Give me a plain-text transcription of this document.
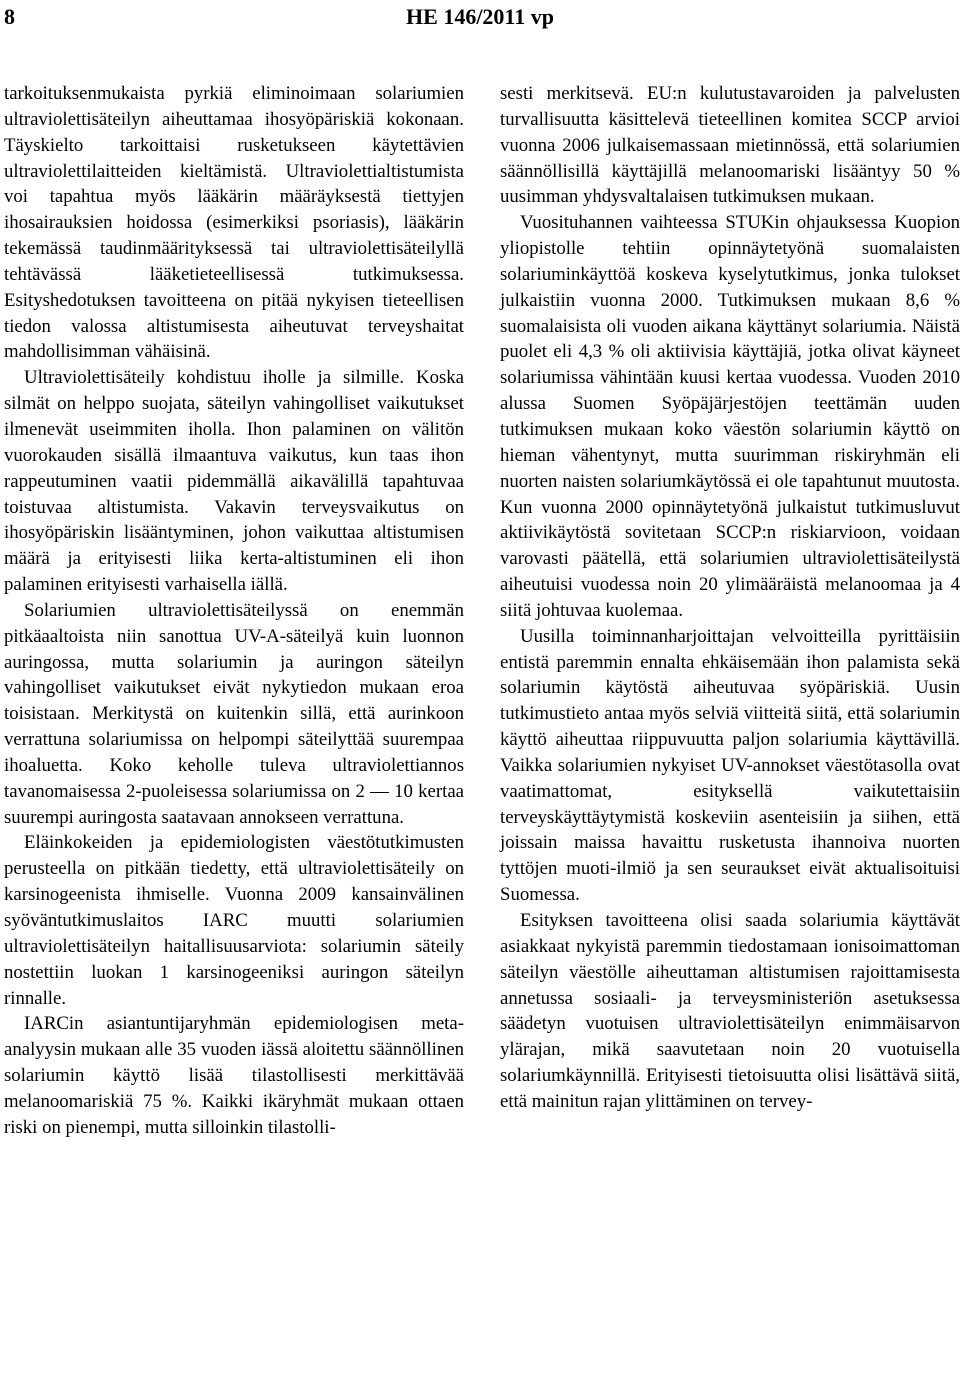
8	HE 146/2011 vp

tarkoituksenmukaista pyrkiä eliminoimaan solariumien ultraviolettisäteilyn aiheuttamaa ihosyöpäriskiä kokonaan. Täyskielto tarkoittaisi rusketukseen käytettävien ultraviolettilaitteiden kieltämistä. Ultraviolettialtistumista voi tapahtua myös lääkärin määräyksestä tiettyjen ihosairauksien hoidossa (esimerkiksi psoriasis), lääkärin tekemässä taudinmäärityksessä tai ultraviolettisäteilyllä tehtävässä lääketieteellisessä tutkimuksessa. Esityshedotuksen tavoitteena on pitää nykyisen tieteellisen tiedon valossa altistumisesta aiheutuvat terveyshaitat mahdollisimman vähäisinä.

Ultraviolettisäteily kohdistuu iholle ja silmille. Koska silmät on helppo suojata, säteilyn vahingolliset vaikutukset ilmenevät useimmiten iholla. Ihon palaminen on välitön vuorokauden sisällä ilmaantuva vaikutus, kun taas ihon rappeutuminen vaatii pidemmällä aikavälillä tapahtuvaa toistuvaa altistumista. Vakavin terveysvaikutus on ihosyöpäriskin lisääntyminen, johon vaikuttaa altistumisen määrä ja erityisesti liika kerta-altistuminen eli ihon palaminen erityisesti varhaisella iällä.

Solariumien ultraviolettisäteilyssä on enemmän pitkäaaltoista niin sanottua UV-A-säteilyä kuin luonnon auringossa, mutta solariumin ja auringon säteilyn vahingolliset vaikutukset eivät nykytiedon mukaan eroa toisistaan. Merkitystä on kuitenkin sillä, että aurinkoon verrattuna solariumissa on helpompi säteilyttää suurempaa ihoaluetta. Koko keholle tuleva ultraviolettiannos tavanomaisessa 2-puoleisessa solariumissa on 2 — 10 kertaa suurempi auringosta saatavaan annokseen verrattuna.

Eläinkokeiden ja epidemiologisten väestötutkimusten perusteella on pitkään tiedetty, että ultraviolettisäteily on karsinogeenista ihmiselle. Vuonna 2009 kansainvälinen syöväntutkimuslaitos IARC muutti solariumien ultraviolettisäteilyn haitallisuusarviota: solariumin säteily nostettiin luokan 1 karsinogeeniksi auringon säteilyn rinnalle.

IARCin asiantuntijaryhmän epidemiologisen meta-analyysin mukaan alle 35 vuoden iässä aloitettu säännöllinen solariumin käyttö lisää tilastollisesti merkittävää melanoomariskiä 75 %. Kaikki ikäryhmät mukaan ottaen riski on pienempi, mutta silloinkin tilastolli-

sesti merkitsevä. EU:n kulutustavaroiden ja palvelusten turvallisuutta käsittelevä tieteellinen komitea SCCP arvioi vuonna 2006 julkaisemassaan mietinnössä, että solariumien säännöllisillä käyttäjillä melanoomariski lisääntyy 50 % uusimman yhdysvaltalaisen tutkimuksen mukaan.

Vuosituhannen vaihteessa STUKin ohjauksessa Kuopion yliopistolle tehtiin opinnäytetyönä suomalaisten solariuminkäyttöä koskeva kyselytutkimus, jonka tulokset julkaistiin vuonna 2000. Tutkimuksen mukaan 8,6 % suomalaisista oli vuoden aikana käyttänyt solariumia. Näistä puolet eli 4,3 % oli aktiivisia käyttäjiä, jotka olivat käyneet solariumissa vähintään kuusi kertaa vuodessa. Vuoden 2010 alussa Suomen Syöpäjärjestöjen teettämän uuden tutkimuksen mukaan koko väestön solariumin käyttö on hieman vähentynyt, mutta suurimman riskiryhmän eli nuorten naisten solariumkäytössä ei ole tapahtunut muutosta. Kun vuonna 2000 opinnäytetyönä julkaistut tutkimusluvut aktiivikäytöstä sovitetaan SCCP:n riskiarvioon, voidaan varovasti päätellä, että solariumien ultraviolettisäteilystä aiheutuisi vuodessa noin 20 ylimääräistä melanoomaa ja 4 siitä johtuvaa kuolemaa.

Uusilla toiminnanharjoittajan velvoitteilla pyrittäisiin entistä paremmin ennalta ehkäisemään ihon palamista sekä solariumin käytöstä aiheutuvaa syöpäriskiä. Uusin tutkimustieto antaa myös selviä viitteitä siitä, että solariumin käyttö aiheuttaa riippuvuutta paljon solariumia käyttävillä. Vaikka solariumien nykyiset UV-annokset väestötasolla ovat vaatimattomat, esityksellä vaikutettaisiin terveyskäyttäytymistä koskeviin asenteisiin ja siihen, että joissain maissa havaittu rusketusta ihannoiva nuorten tyttöjen muoti-ilmiö ja sen seuraukset eivät aktualisoituisi Suomessa.

Esityksen tavoitteena olisi saada solariumia käyttävät asiakkaat nykyistä paremmin tiedostamaan ionisoimattoman säteilyn väestölle aiheuttaman altistumisen rajoittamisesta annetussa sosiaali- ja terveysministeriön asetuksessa säädetyn vuotuisen ultraviolettisäteilyn enimmäisarvon ylärajan, mikä saavutetaan noin 20 vuotuisella solariumkäynnillä. Erityisesti tietoisuutta olisi lisättävä siitä, että mainitun rajan ylittäminen on tervey-
